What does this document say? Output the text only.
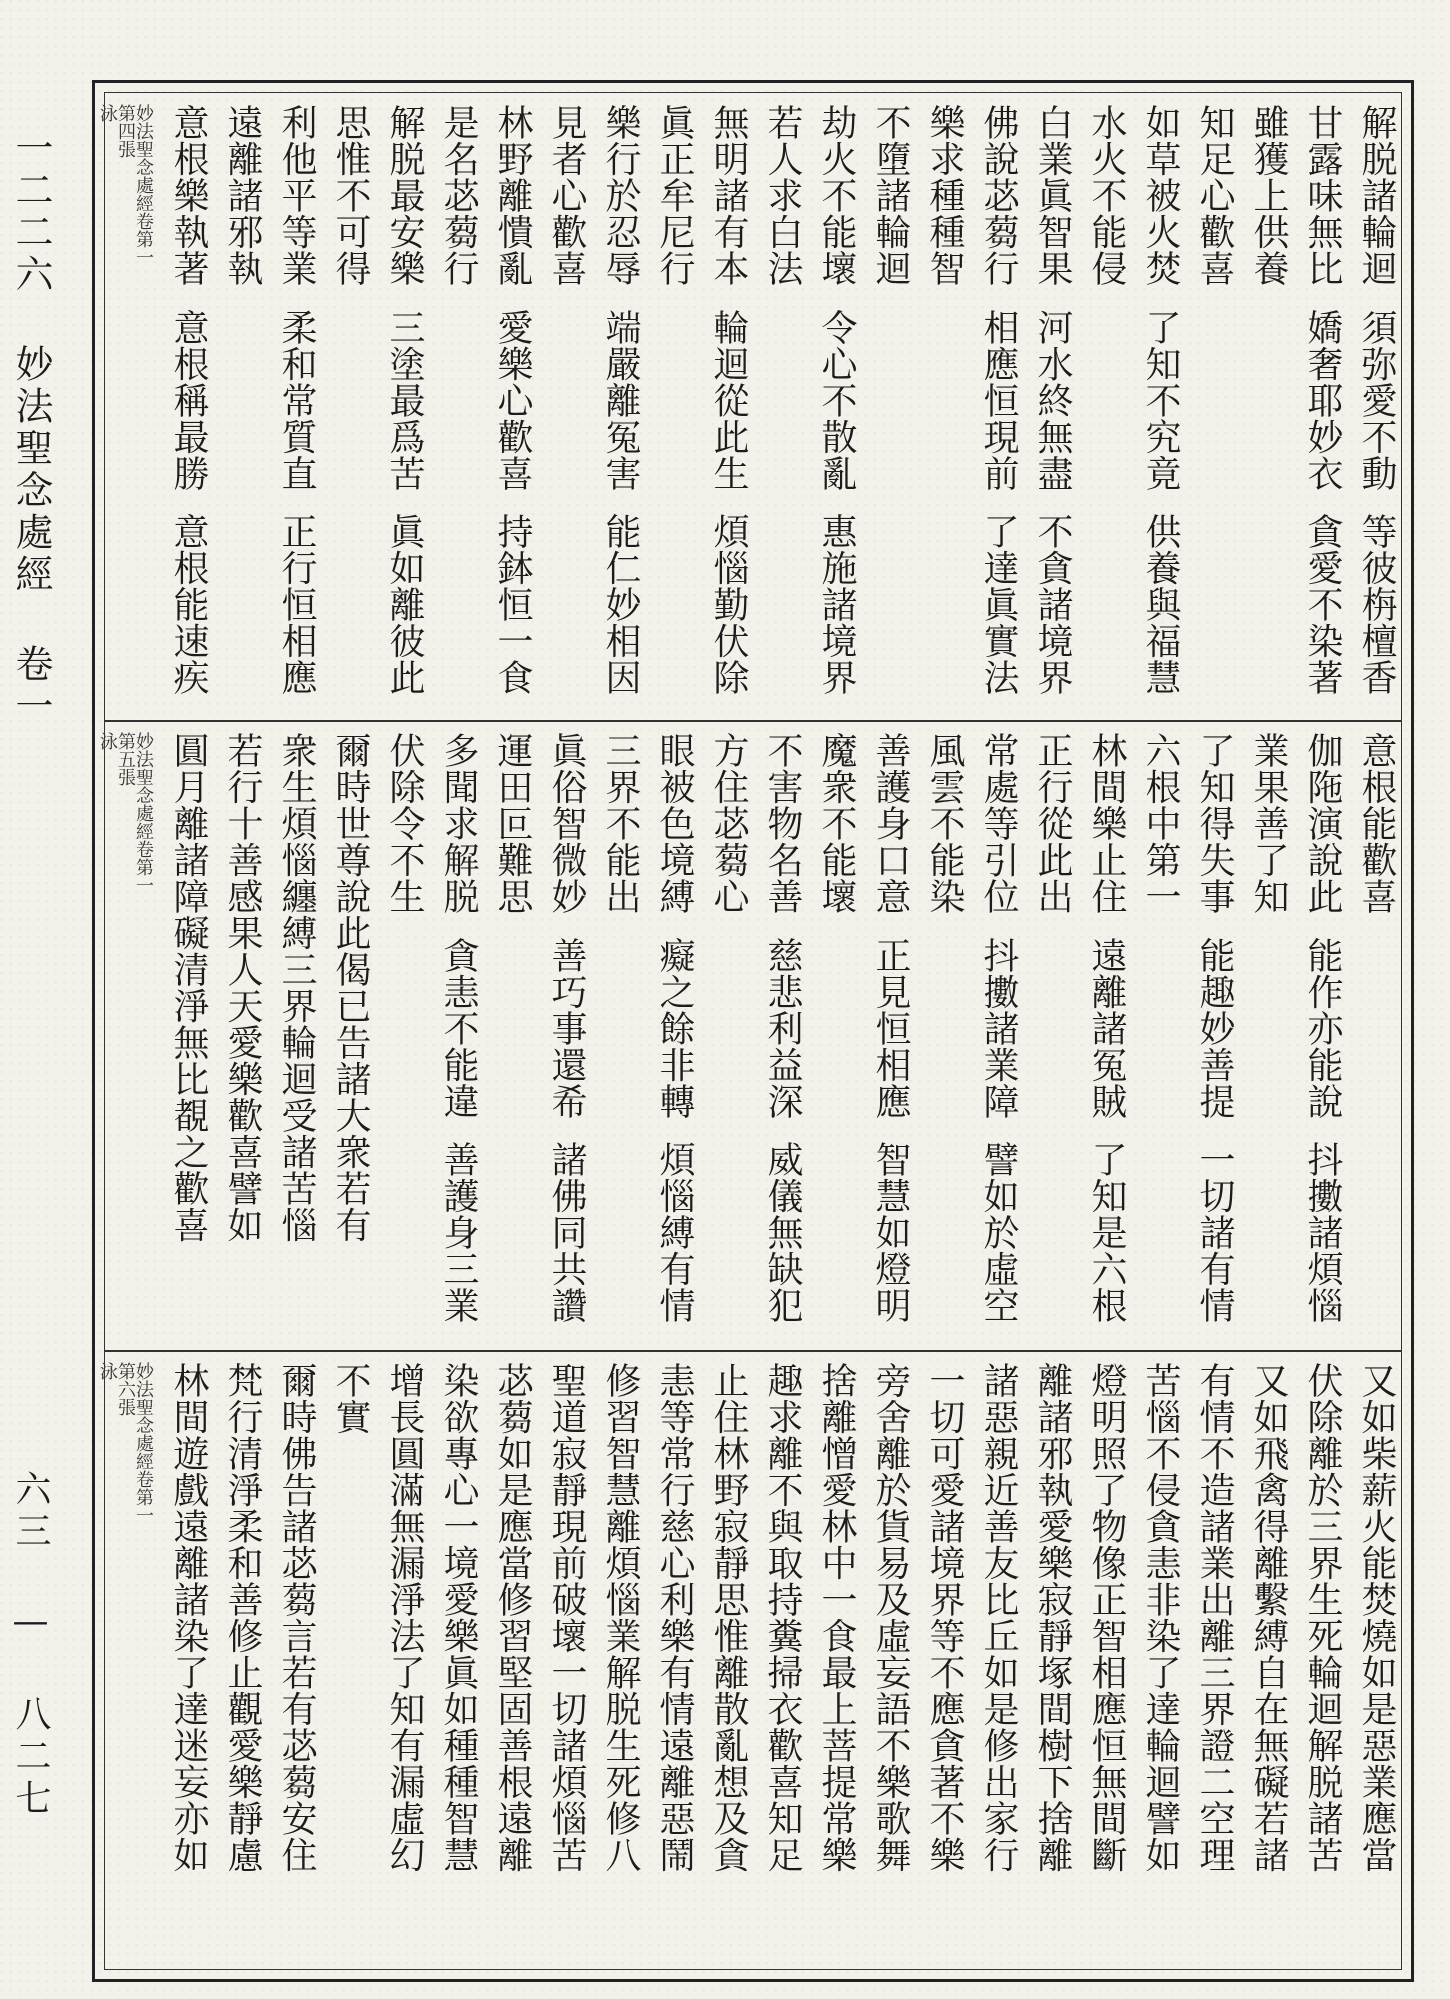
一二二六 妙法聖念處經 卷一
六三 — 八二七
解脱諸輪迴
須弥愛不動
等彼栴檀香
甘露味無比
嬌奢耶妙衣
貪愛不染著
雖獲上供養
知足心歡喜
如草被火焚
了知不究竟
供養與福慧
水火不能侵
白業眞智果
河水終無盡
不貪諸境界
佛說苾蒭行
相應恒現前
了達眞實法
樂求種種智
不墮諸輪迴
劫火不能壞
令心不散亂
惠施諸境界
若人求白法
無明諸有本
輪迴從此生
煩惱勤伏除
眞正牟尼行
樂行於忍辱
端嚴離冤害
能仁妙相因
見者心歡喜
林野離憒亂
愛樂心歡喜
持鉢恒一食
是名苾蒭行
解脱最安樂
三塗最爲苦
眞如離彼此
思惟不可得
利他平等業
柔和常質直
正行恒相應
遠離諸邪執
意根樂執著
意根稱最勝
意根能速疾
妙法聖念處經卷第一
第四張
泳
意根能歡喜
伽陁演說此
能作亦能說
抖擻諸煩惱
業果善了知
了知得失事
能趣妙善提
一切諸有情
六根中第一
林間樂止住
遠離諸冤賊
了知是六根
正行從此出
常處等引位
抖擻諸業障
譬如於虛空
風雲不能染
善護身口意
正見恒相應
智慧如燈明
魔衆不能壞
不害物名善
慈悲利益深
威儀無缺犯
方住苾蒭心
眼被色境縛
癡之餘非轉
煩惱縛有情
三界不能出
眞俗智微妙
善巧事還希
諸佛同共讚
運田叵難思
多聞求解脱
貪恚不能違
善護身三業
伏除令不生
爾時世尊說此偈已告諸大衆若有
衆生煩惱纏縛三界輪迴受諸苦惱
若行十善感果人天愛樂歡喜譬如
圓月離諸障礙清淨無比覩之歡喜
妙法聖念處經卷第一
第五張
泳
又如柴薪火能焚燒如是惡業應當
伏除離於三界生死輪迴解脱諸苦
又如飛禽得離繫縛自在無礙若諸
有情不造諸業出離三界證二空理
苦惱不侵貪恚非染了達輪迴譬如
燈明照了物像正智相應恒無間斷
離諸邪執愛樂寂靜塚間樹下捨離
諸惡親近善友比丘如是修出家行
一切可愛諸境界等不應貪著不樂
旁舍離於貨易及虛妄語不樂歌舞
捨離憎愛林中一食最上菩提常樂
趣求離不與取持糞掃衣歡喜知足
止住林野寂靜思惟離散亂想及貪
恚等常行慈心利樂有情遠離惡鬧
修習智慧離煩惱業解脱生死修八
聖道寂靜現前破壞一切諸煩惱苦
苾蒭如是應當修習堅固善根遠離
染欲專心一境愛樂眞如種種智慧
增長圓滿無漏淨法了知有漏虛幻
不實
爾時佛告諸苾蒭言若有苾蒭安住
梵行清淨柔和善修止觀愛樂靜慮
林間遊戲遠離諸染了達迷妄亦如
妙法聖念處經卷第一
第六張
泳
